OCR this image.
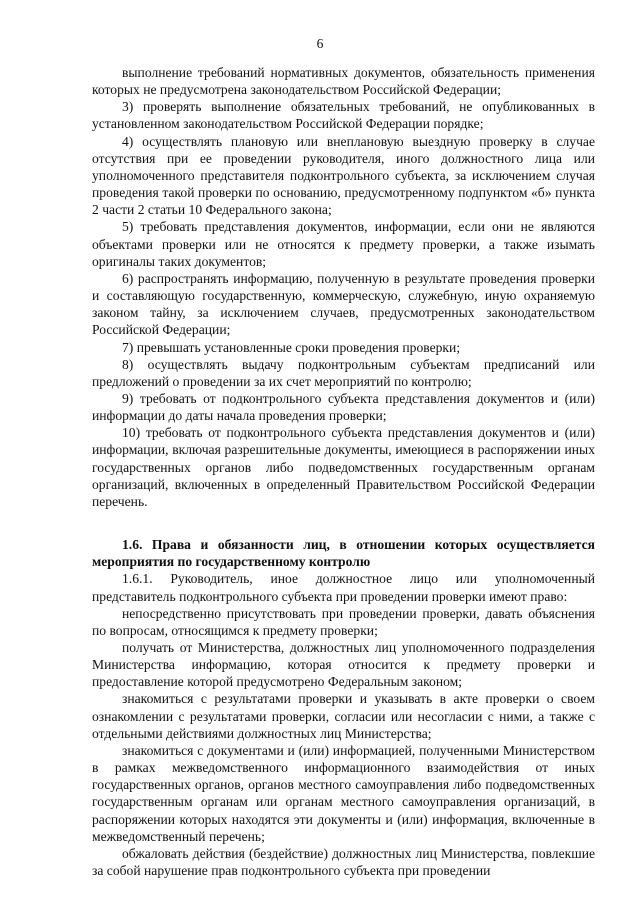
6

выполнение требований нормативных документов, обязательность применения которых не предусмотрена законодательством Российской Федерации;

3) проверять выполнение обязательных требований, не опубликованных в установленном законодательством Российской Федерации порядке;

4) осуществлять плановую или внеплановую выездную проверку в случае отсутствия при ее проведении руководителя, иного должностного лица или уполномоченного представителя подконтрольного субъекта, за исключением случая проведения такой проверки по основанию, предусмотренному подпунктом «б» пункта 2 части 2 статьи 10 Федерального закона;

5) требовать представления документов, информации, если они не являются объектами проверки или не относятся к предмету проверки, а также изымать оригиналы таких документов;

6) распространять информацию, полученную в результате проведения проверки и составляющую государственную, коммерческую, служебную, иную охраняемую законом тайну, за исключением случаев, предусмотренных законодательством Российской Федерации;

7) превышать установленные сроки проведения проверки;

8) осуществлять выдачу подконтрольным субъектам предписаний или предложений о проведении за их счет мероприятий по контролю;

9) требовать от подконтрольного субъекта представления документов и (или) информации до даты начала проведения проверки;

10) требовать от подконтрольного субъекта представления документов и (или) информации, включая разрешительные документы, имеющиеся в распоряжении иных государственных органов либо подведомственных государственным органам организаций, включенных в определенный Правительством Российской Федерации перечень.

1.6. Права и обязанности лиц, в отношении которых осуществляется мероприятия по государственному контролю

1.6.1. Руководитель, иное должностное лицо или уполномоченный представитель подконтрольного субъекта при проведении проверки имеют право:

непосредственно присутствовать при проведении проверки, давать объяснения по вопросам, относящимся к предмету проверки;

получать от Министерства, должностных лиц уполномоченного подразделения Министерства информацию, которая относится к предмету проверки и предоставление которой предусмотрено Федеральным законом;

знакомиться с результатами проверки и указывать в акте проверки о своем ознакомлении с результатами проверки, согласии или несогласии с ними, а также с отдельными действиями должностных лиц Министерства;

знакомиться с документами и (или) информацией, полученными Министерством в рамках межведомственного информационного взаимодействия от иных государственных органов, органов местного самоуправления либо подведомственных государственным органам или органам местного самоуправления организаций, в распоряжении которых находятся эти документы и (или) информация, включенные в межведомственный перечень;

обжаловать действия (бездействие) должностных лиц Министерства, повлекшие за собой нарушение прав подконтрольного субъекта при проведении
